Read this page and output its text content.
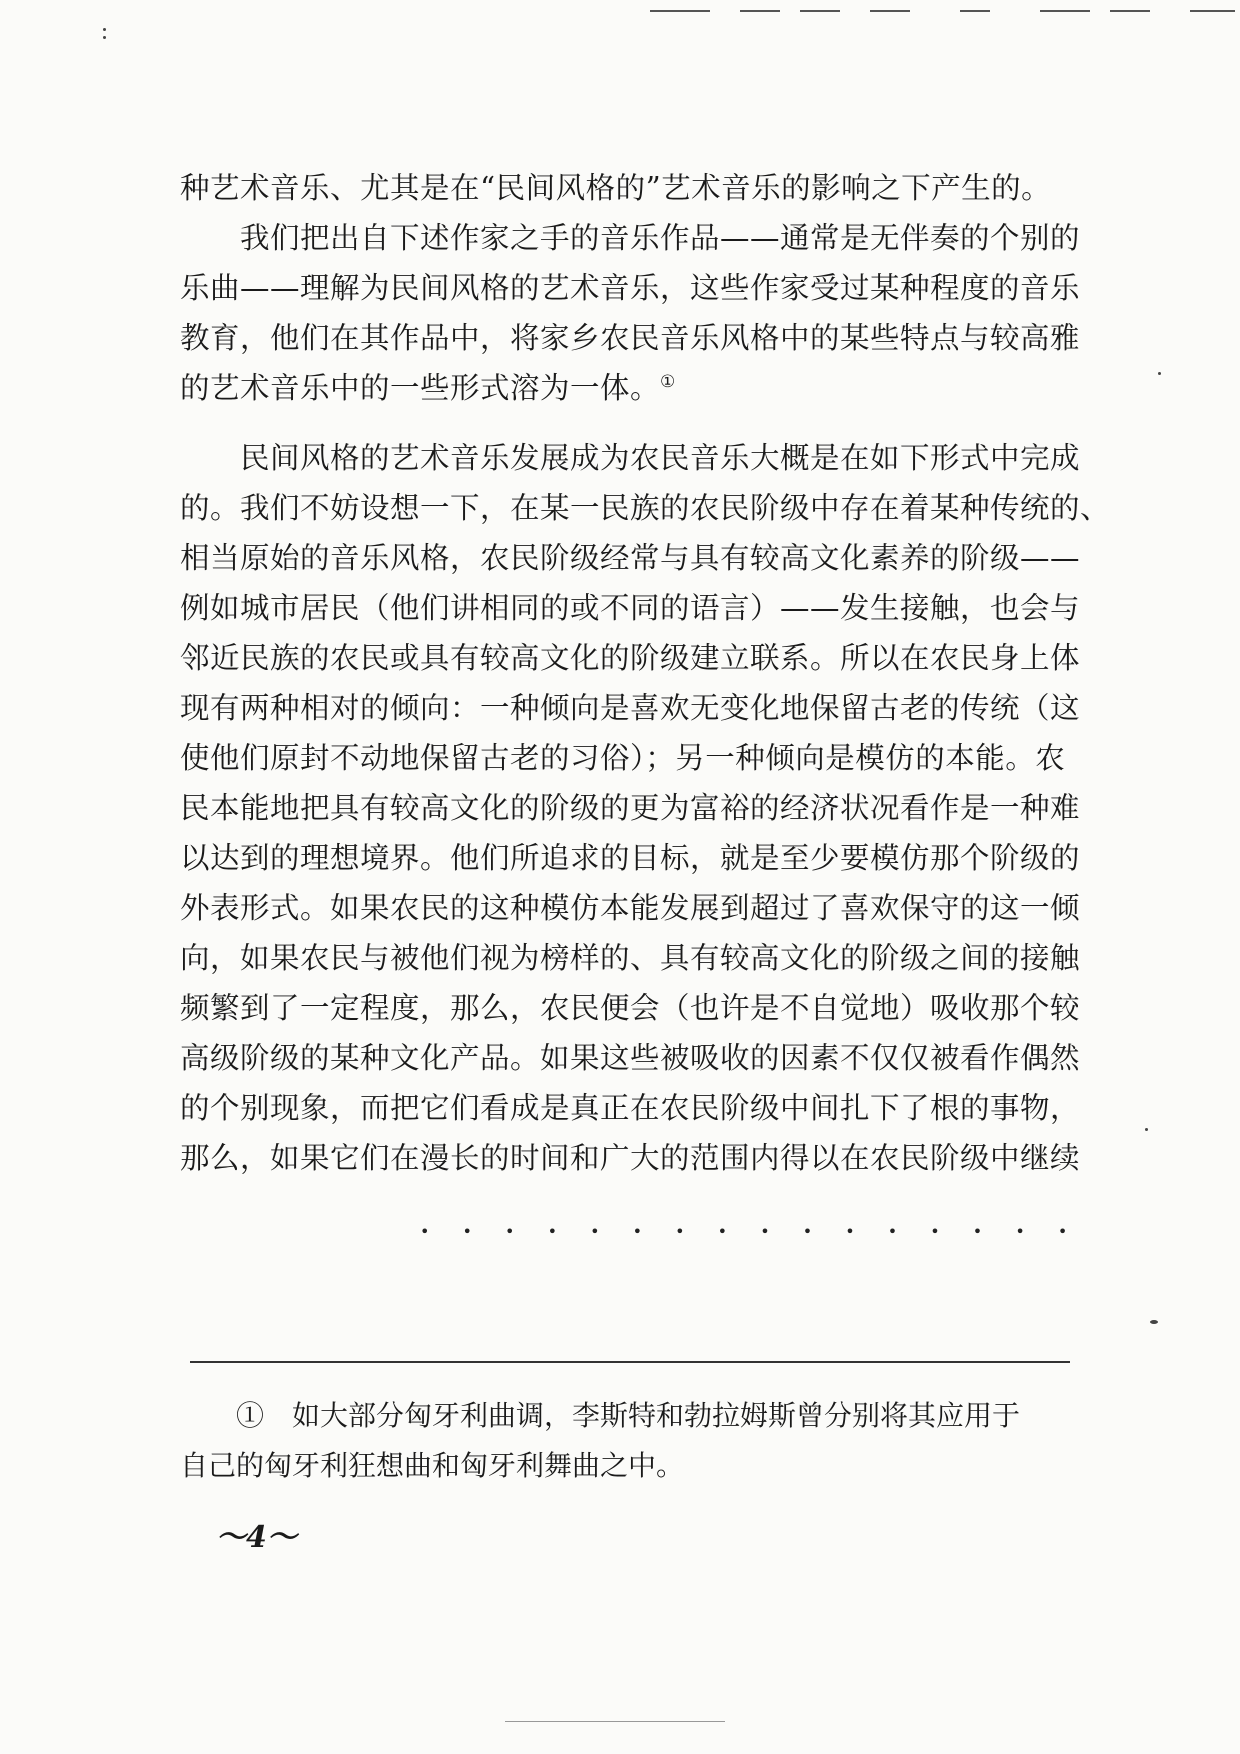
种艺术音乐、尤其是在“民间风格的”艺术音乐的影响之下产生的。
　　我们把出自下述作家之手的音乐作品——通常是无伴奏的个别的
乐曲——理解为民间风格的艺术音乐，这些作家受过某种程度的音乐
教育，他们在其作品中，将家乡农民音乐风格中的某些特点与较高雅
的艺术音乐中的一些形式溶为一体。①
　　民间风格的艺术音乐发展成为农民音乐大概是在如下形式中完成
的。我们不妨设想一下，在某一民族的农民阶级中存在着某种传统的、
相当原始的音乐风格，农民阶级经常与具有较高文化素养的阶级——
例如城市居民（他们讲相同的或不同的语言）——发生接触，也会与
邻近民族的农民或具有较高文化的阶级建立联系。所以在农民身上体
现有两种相对的倾向：一种倾向是喜欢无变化地保留古老的传统（这
使他们原封不动地保留古老的习俗）；另一种倾向是模仿的本能。农
民本能地把具有较高文化的阶级的更为富裕的经济状况看作是一种难
以达到的理想境界。他们所追求的目标，就是至少要模仿那个阶级的
外表形式。如果农民的这种模仿本能发展到超过了喜欢保守的这一倾
向，如果农民与被他们视为榜样的、具有较高文化的阶级之间的接触
频繁到了一定程度，那么，农民便会（也许是不自觉地）吸收那个较
高级阶级的某种文化产品。如果这些被吸收的因素不仅仅被看作偶然
的个别现象，而把它们看成是真正在农民阶级中间扎下了根的事物，
那么，如果它们在漫长的时间和广大的范围内得以在农民阶级中继续
• • • • • • • • • • • • • • • •
　　①　如大部分匈牙利曲调，李斯特和勃拉姆斯曾分别将其应用于
自己的匈牙利狂想曲和匈牙利舞曲之中。
～4～
